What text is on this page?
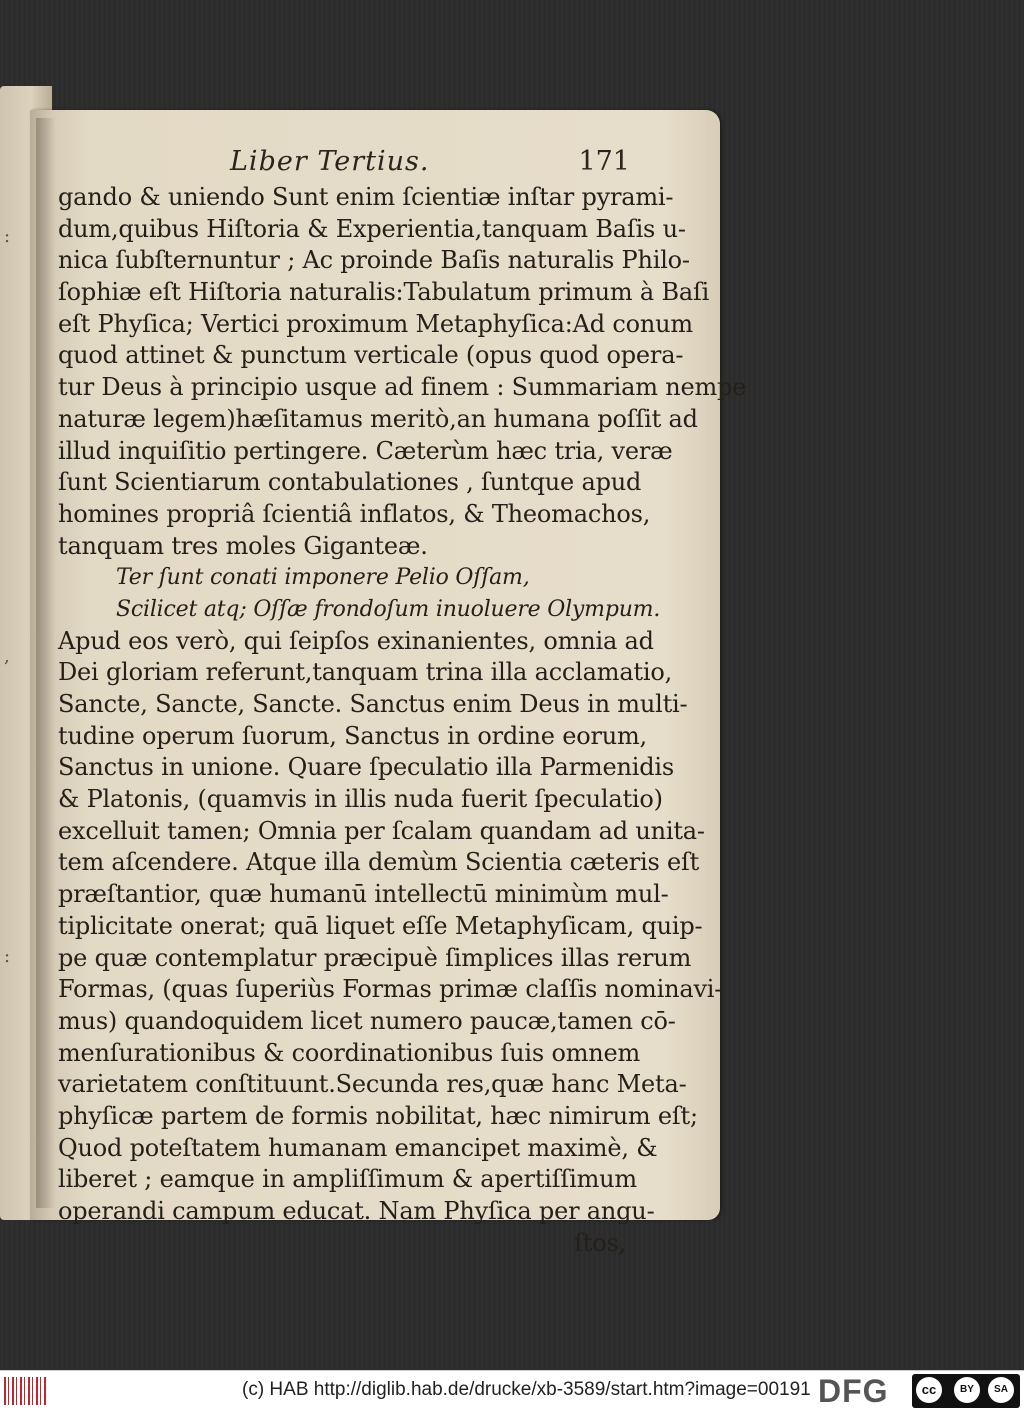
:
,
:
Liber Tertius.	171
gando & uniendo Sunt enim ſcientiæ inſtar pyrami-
dum,quibus Hiſtoria & Experientia,tanquam Baſis u-
nica ſubſternuntur ; Ac proinde Baſis naturalis Philo-
ſophiæ eſt Hiſtoria naturalis:Tabulatum primum à Baſi
eſt Phyſica; Vertici proximum Metaphyſica:Ad conum
quod attinet & punctum verticale (opus quod opera-
tur Deus à principio usque ad finem : Summariam nempe
naturæ legem)hæſitamus meritò,an humana poſſit ad
illud inquiſitio pertingere. Cæterùm hæc tria, veræ
ſunt Scientiarum contabulationes , ſuntque apud
homines propriâ ſcientiâ inflatos, & Theomachos,
tanquam tres moles Giganteæ.
Ter ſunt conati imponere Pelio Oſſam,
Scilicet atq; Oſſæ frondoſum inuoluere Olympum.
Apud eos verò, qui ſeipſos exinanientes, omnia ad
Dei gloriam referunt,tanquam trina illa acclamatio,
Sancte, Sancte, Sancte. Sanctus enim Deus in multi-
tudine operum ſuorum, Sanctus in ordine eorum,
Sanctus in unione. Quare ſpeculatio illa Parmenidis
& Platonis, (quamvis in illis nuda fuerit ſpeculatio)
excelluit tamen; Omnia per ſcalam quandam ad unita-
tem aſcendere. Atque illa demùm Scientia cæteris eſt
præſtantior, quæ humanū intellectū minimùm mul-
tiplicitate onerat; quā liquet eſſe Metaphyſicam, quip-
pe quæ contemplatur præcipuè ſimplices illas rerum
Formas, (quas ſuperiùs Formas primæ claſſis nominavi-
mus) quandoquidem licet numero paucæ,tamen cō-
menſurationibus & coordinationibus ſuis omnem
varietatem conſtituunt.Secunda res,quæ hanc Meta-
phyſicæ partem de formis nobilitat, hæc nimirum eſt;
Quod poteſtatem humanam emancipet maximè, &
liberet ; eamque in ampliſſimum & apertiſſimum
operandi campum educat. Nam Phyſica per angu-
ſtos,
(c) HAB http://diglib.hab.de/drucke/xb-3589/start.htm?image=00191 DFG	cc	BY	SA
